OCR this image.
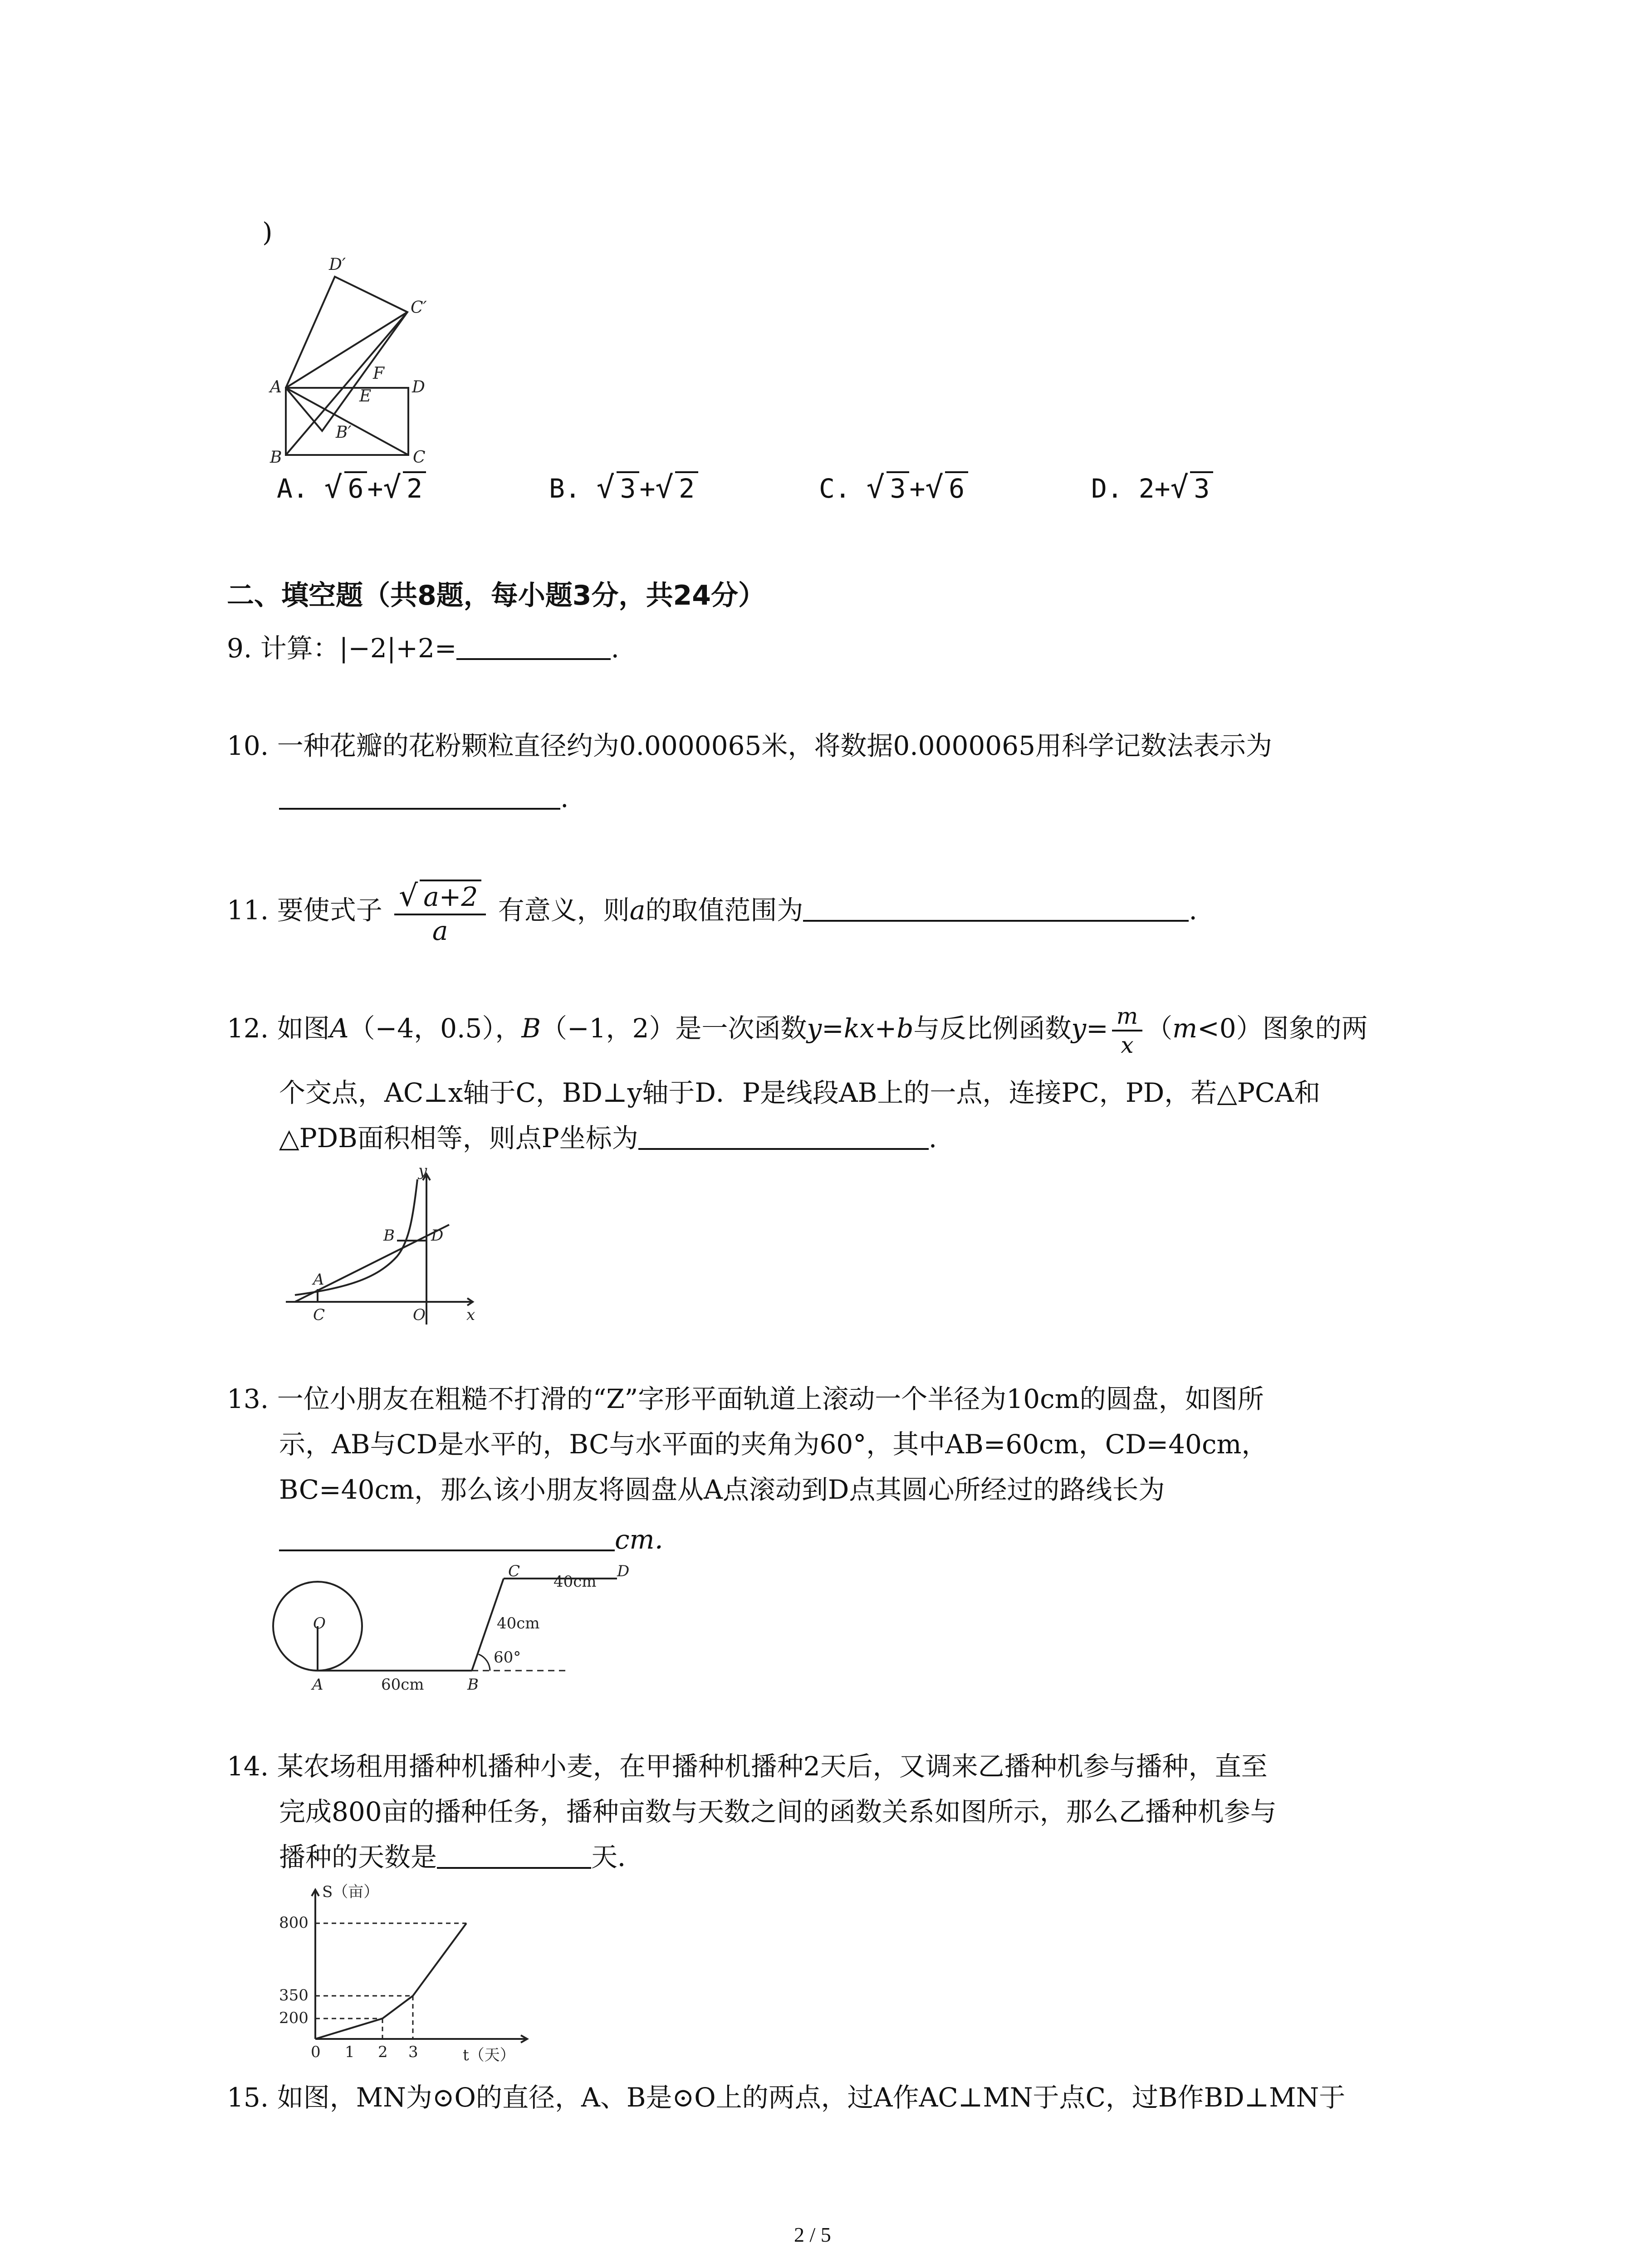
)
D′
C′
F
A	E D
B′
B	C
A. √ 6 +√ 2	B. √ 3 +√ 2	C. √ 3 +√ 6	D. 2+√ 3
二、填空题（共8题，每小题3分，共24分）
9. 计算：|−2|+2=	.
10. 一种花瓣的花粉颗粒直径约为0.0000065米，将数据0.0000065用科学记数法表示为
.
11. 要使式子 $\frac{√ a+2}{a}$ 有意义，则a的取值范围为	.
12. 如图A（−4，0.5），B（−1，2）是一次函数y=kx+b与反比例函数$y= \frac{m}{x} (m<0)$图象的两
个交点，AC⊥x轴于C，BD⊥y轴于D．P是线段AB上的一点，连接PC，PD，若△PCA和
△PDB面积相等，则点P坐标为	.
y
x
B D
A
C	O
13. 一位小朋友在粗糙不打滑的“Z”字形平面轨道上滚动一个半径为10cm的圆盘，如图所
示，AB与CD是水平的，BC与水平面的夹角为60°，其中AB=60cm，CD=40cm，
BC=40cm，那么该小朋友将圆盘从A点滚动到D点其圆心所经过的路线长为
cm．
O
A	B
C	D
60cm
40cm
40cm
60°
14. 某农场租用播种机播种小麦，在甲播种机播种2天后，又调来乙播种机参与播种，直至
完成800亩的播种任务，播种亩数与天数之间的函数关系如图所示，那么乙播种机参与
播种的天数是	天．
S（亩）
t（天）
800
350
200
0 1 2 3
15. 如图，MN为⊙O的直径，A、B是⊙O上的两点，过A作AC⊥MN于点C，过B作BD⊥MN于
2 / 5
